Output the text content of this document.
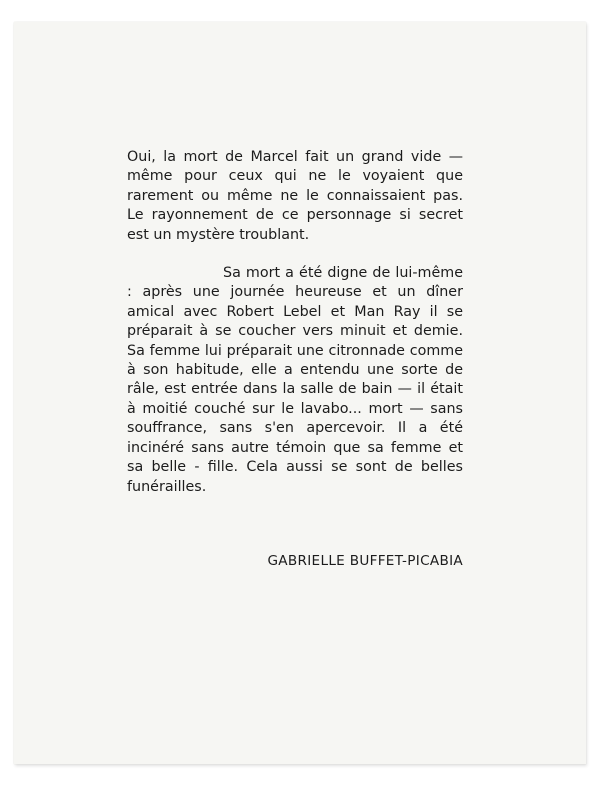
Oui, la mort de Marcel fait un grand vide — même pour ceux qui ne le voyaient que rarement ou même ne le connaissaient pas. Le rayonnement de ce personnage si secret est un mystère troublant.

Sa mort a été digne de lui-même : après une journée heureuse et un dîner amical avec Robert Lebel et Man Ray il se préparait à se coucher vers minuit et demie. Sa femme lui préparait une citronnade comme à son habitude, elle a entendu une sorte de râle, est entrée dans la salle de bain — il était à moitié couché sur le lavabo... mort — sans souffrance, sans s'en apercevoir. Il a été incinéré sans autre témoin que sa femme et sa belle - fille. Cela aussi se sont de belles funérailles.

GABRIELLE BUFFET-PICABIA
